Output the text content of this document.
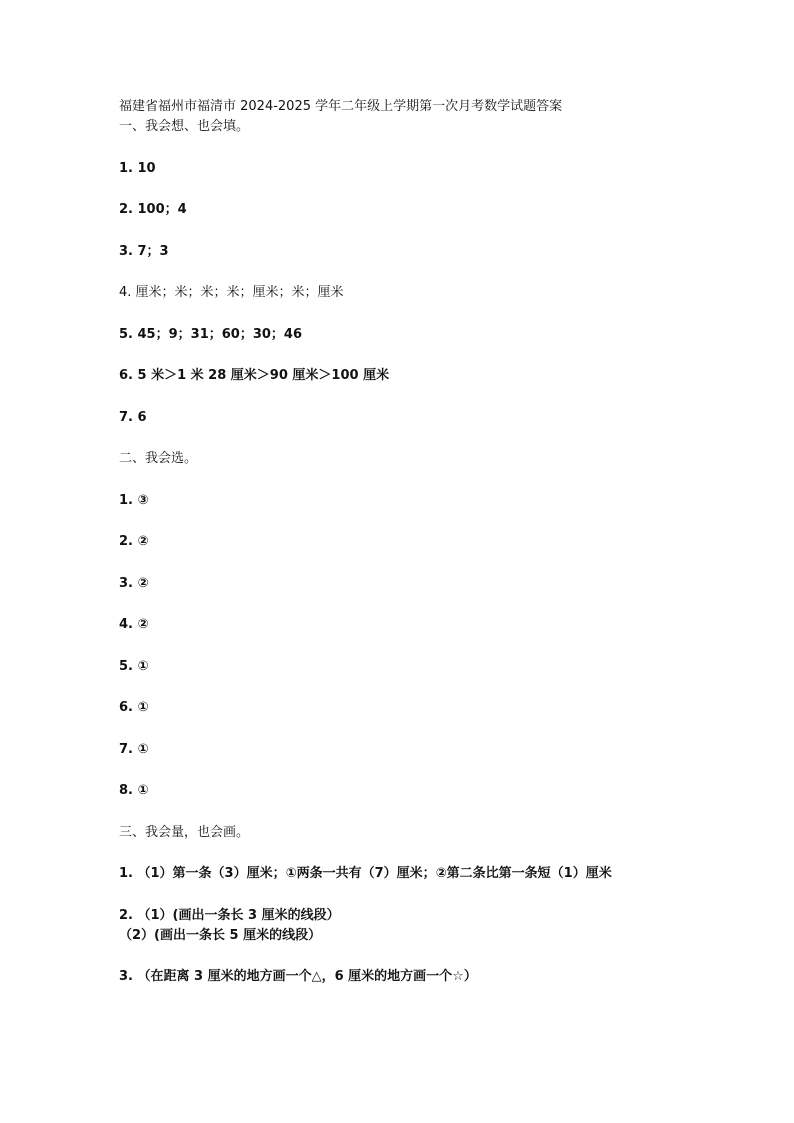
福建省福州市福清市 2024-2025 学年二年级上学期第一次月考数学试题答案
一、我会想、也会填。
1. 10
2. 100；4
3. 7；3
4. 厘米；米；米；米；厘米；米；厘米
5. 45；9；31；60；30；46
6. 5 米＞1 米 28 厘米＞90 厘米＞100 厘米
7. 6
二、我会选。
1. ③
2. ②
3. ②
4. ②
5. ①
6. ①
7. ①
8. ①
三、我会量，也会画。
1. （1）第一条（3）厘米；①两条一共有（7）厘米；②第二条比第一条短（1）厘米
2. （1）(画出一条长 3 厘米的线段）
（2）(画出一条长 5 厘米的线段）
3. （在距离 3 厘米的地方画一个△，6 厘米的地方画一个☆）
